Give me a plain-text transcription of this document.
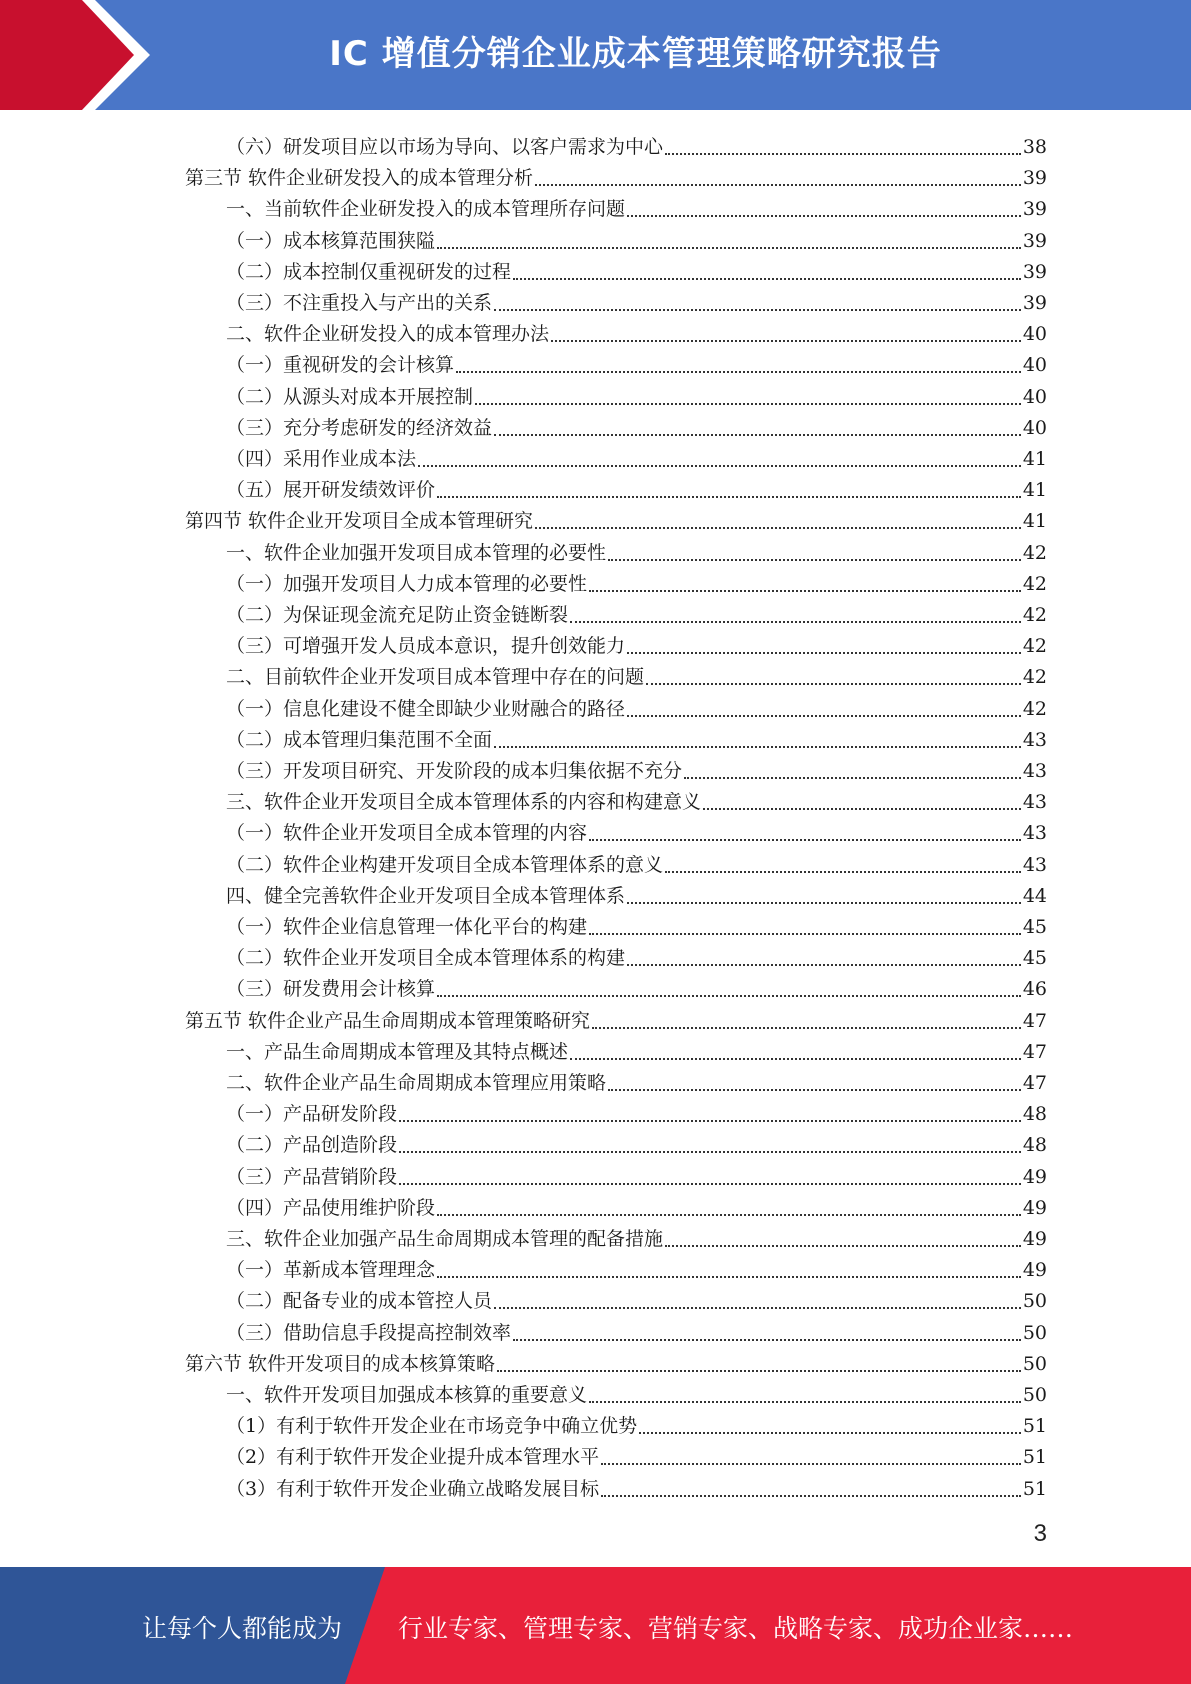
IC 增值分销企业成本管理策略研究报告
（六）研发项目应以市场为导向、以客户需求为中心	38
第三节 软件企业研发投入的成本管理分析	39
一、当前软件企业研发投入的成本管理所存问题	39
（一）成本核算范围狭隘	39
（二）成本控制仅重视研发的过程	39
（三）不注重投入与产出的关系	39
二、软件企业研发投入的成本管理办法	40
（一）重视研发的会计核算	40
（二）从源头对成本开展控制	40
（三）充分考虑研发的经济效益	40
（四）采用作业成本法	41
（五）展开研发绩效评价	41
第四节 软件企业开发项目全成本管理研究	41
一、软件企业加强开发项目成本管理的必要性	42
（一）加强开发项目人力成本管理的必要性	42
（二）为保证现金流充足防止资金链断裂	42
（三）可增强开发人员成本意识，提升创效能力	42
二、目前软件企业开发项目成本管理中存在的问题	42
（一）信息化建设不健全即缺少业财融合的路径	42
（二）成本管理归集范围不全面	43
（三）开发项目研究、开发阶段的成本归集依据不充分	43
三、软件企业开发项目全成本管理体系的内容和构建意义	43
（一）软件企业开发项目全成本管理的内容	43
（二）软件企业构建开发项目全成本管理体系的意义	43
四、健全完善软件企业开发项目全成本管理体系	44
（一）软件企业信息管理一体化平台的构建	45
（二）软件企业开发项目全成本管理体系的构建	45
（三）研发费用会计核算	46
第五节 软件企业产品生命周期成本管理策略研究	47
一、产品生命周期成本管理及其特点概述	47
二、软件企业产品生命周期成本管理应用策略	47
（一）产品研发阶段	48
（二）产品创造阶段	48
（三）产品营销阶段	49
（四）产品使用维护阶段	49
三、软件企业加强产品生命周期成本管理的配备措施	49
（一）革新成本管理理念	49
（二）配备专业的成本管控人员	50
（三）借助信息手段提高控制效率	50
第六节 软件开发项目的成本核算策略	50
一、软件开发项目加强成本核算的重要意义	50
（1）有利于软件开发企业在市场竞争中确立优势	51
（2）有利于软件开发企业提升成本管理水平	51
（3）有利于软件开发企业确立战略发展目标	51
3
让每个人都能成为 行业专家、管理专家、营销专家、战略专家、成功企业家……
